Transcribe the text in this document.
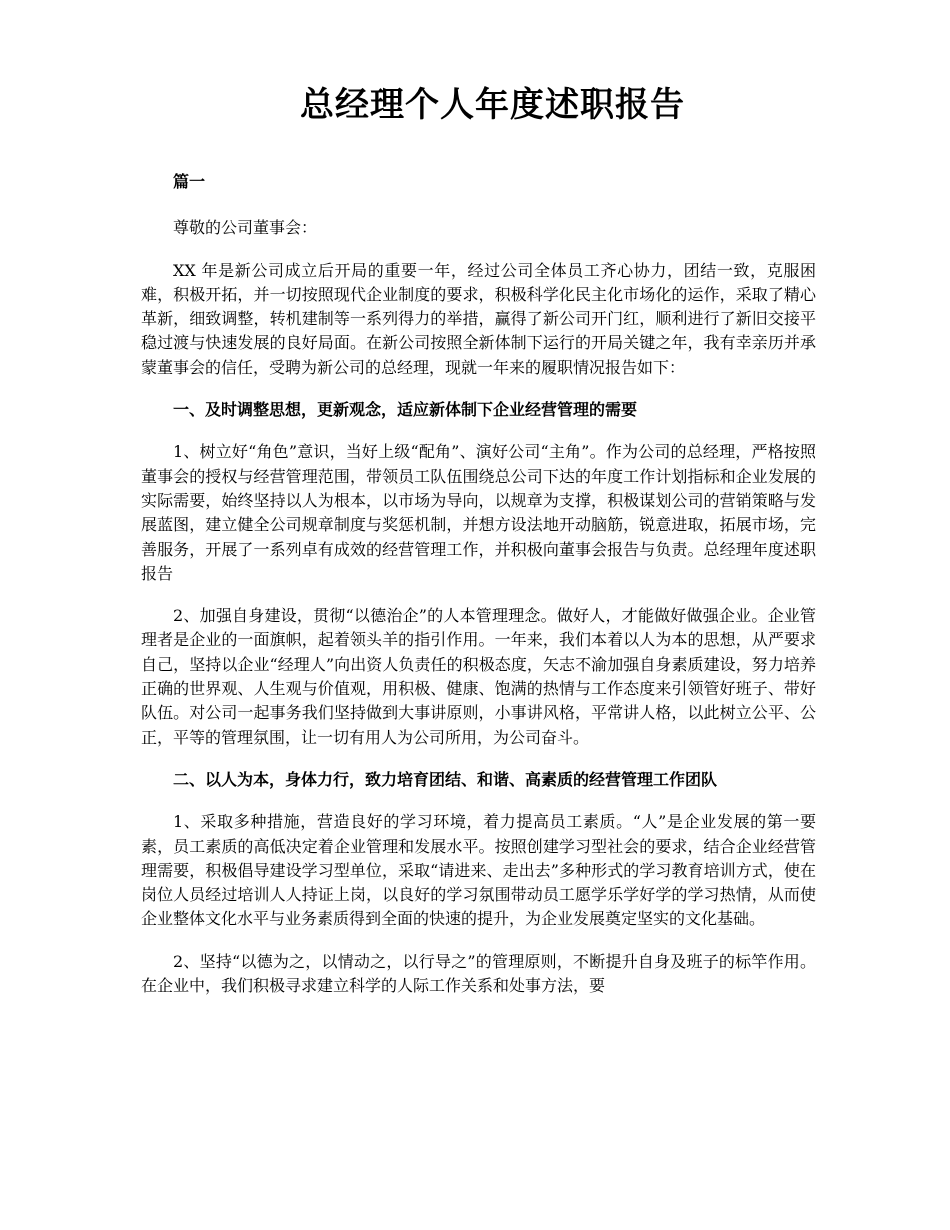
总经理个人年度述职报告

篇一

尊敬的公司董事会：

XX 年是新公司成立后开局的重要一年，经过公司全体员工齐心协力，团结一致，克服困难，积极开拓，并一切按照现代企业制度的要求，积极科学化民主化市场化的运作，采取了精心革新，细致调整，转机建制等一系列得力的举措，赢得了新公司开门红，顺利进行了新旧交接平稳过渡与快速发展的良好局面。在新公司按照全新体制下运行的开局关键之年，我有幸亲历并承蒙董事会的信任，受聘为新公司的总经理，现就一年来的履职情况报告如下：

一、及时调整思想，更新观念，适应新体制下企业经营管理的需要

1、树立好“角色”意识，当好上级“配角”、演好公司“主角”。作为公司的总经理，严格按照董事会的授权与经营管理范围，带领员工队伍围绕总公司下达的年度工作计划指标和企业发展的实际需要，始终坚持以人为根本，以市场为导向，以规章为支撑，积极谋划公司的营销策略与发展蓝图，建立健全公司规章制度与奖惩机制，并想方设法地开动脑筋，锐意进取，拓展市场，完善服务，开展了一系列卓有成效的经营管理工作，并积极向董事会报告与负责。总经理年度述职报告

2、加强自身建设，贯彻“以德治企”的人本管理理念。做好人，才能做好做强企业。企业管理者是企业的一面旗帜，起着领头羊的指引作用。一年来，我们本着以人为本的思想，从严要求自己，坚持以企业“经理人”向出资人负责任的积极态度，矢志不渝加强自身素质建设，努力培养正确的世界观、人生观与价值观，用积极、健康、饱满的热情与工作态度来引领管好班子、带好队伍。对公司一起事务我们坚持做到大事讲原则，小事讲风格，平常讲人格，以此树立公平、公正，平等的管理氛围，让一切有用人为公司所用，为公司奋斗。

二、以人为本，身体力行，致力培育团结、和谐、高素质的经营管理工作团队

1、采取多种措施，营造良好的学习环境，着力提高员工素质。“人”是企业发展的第一要素，员工素质的高低决定着企业管理和发展水平。按照创建学习型社会的要求，结合企业经营管理需要，积极倡导建设学习型单位，采取“请进来、走出去”多种形式的学习教育培训方式，使在岗位人员经过培训人人持证上岗，以良好的学习氛围带动员工愿学乐学好学的学习热情，从而使企业整体文化水平与业务素质得到全面的快速的提升，为企业发展奠定坚实的文化基础。

2、坚持“以德为之，以情动之，以行导之”的管理原则，不断提升自身及班子的标竿作用。在企业中，我们积极寻求建立科学的人际工作关系和处事方法，要
